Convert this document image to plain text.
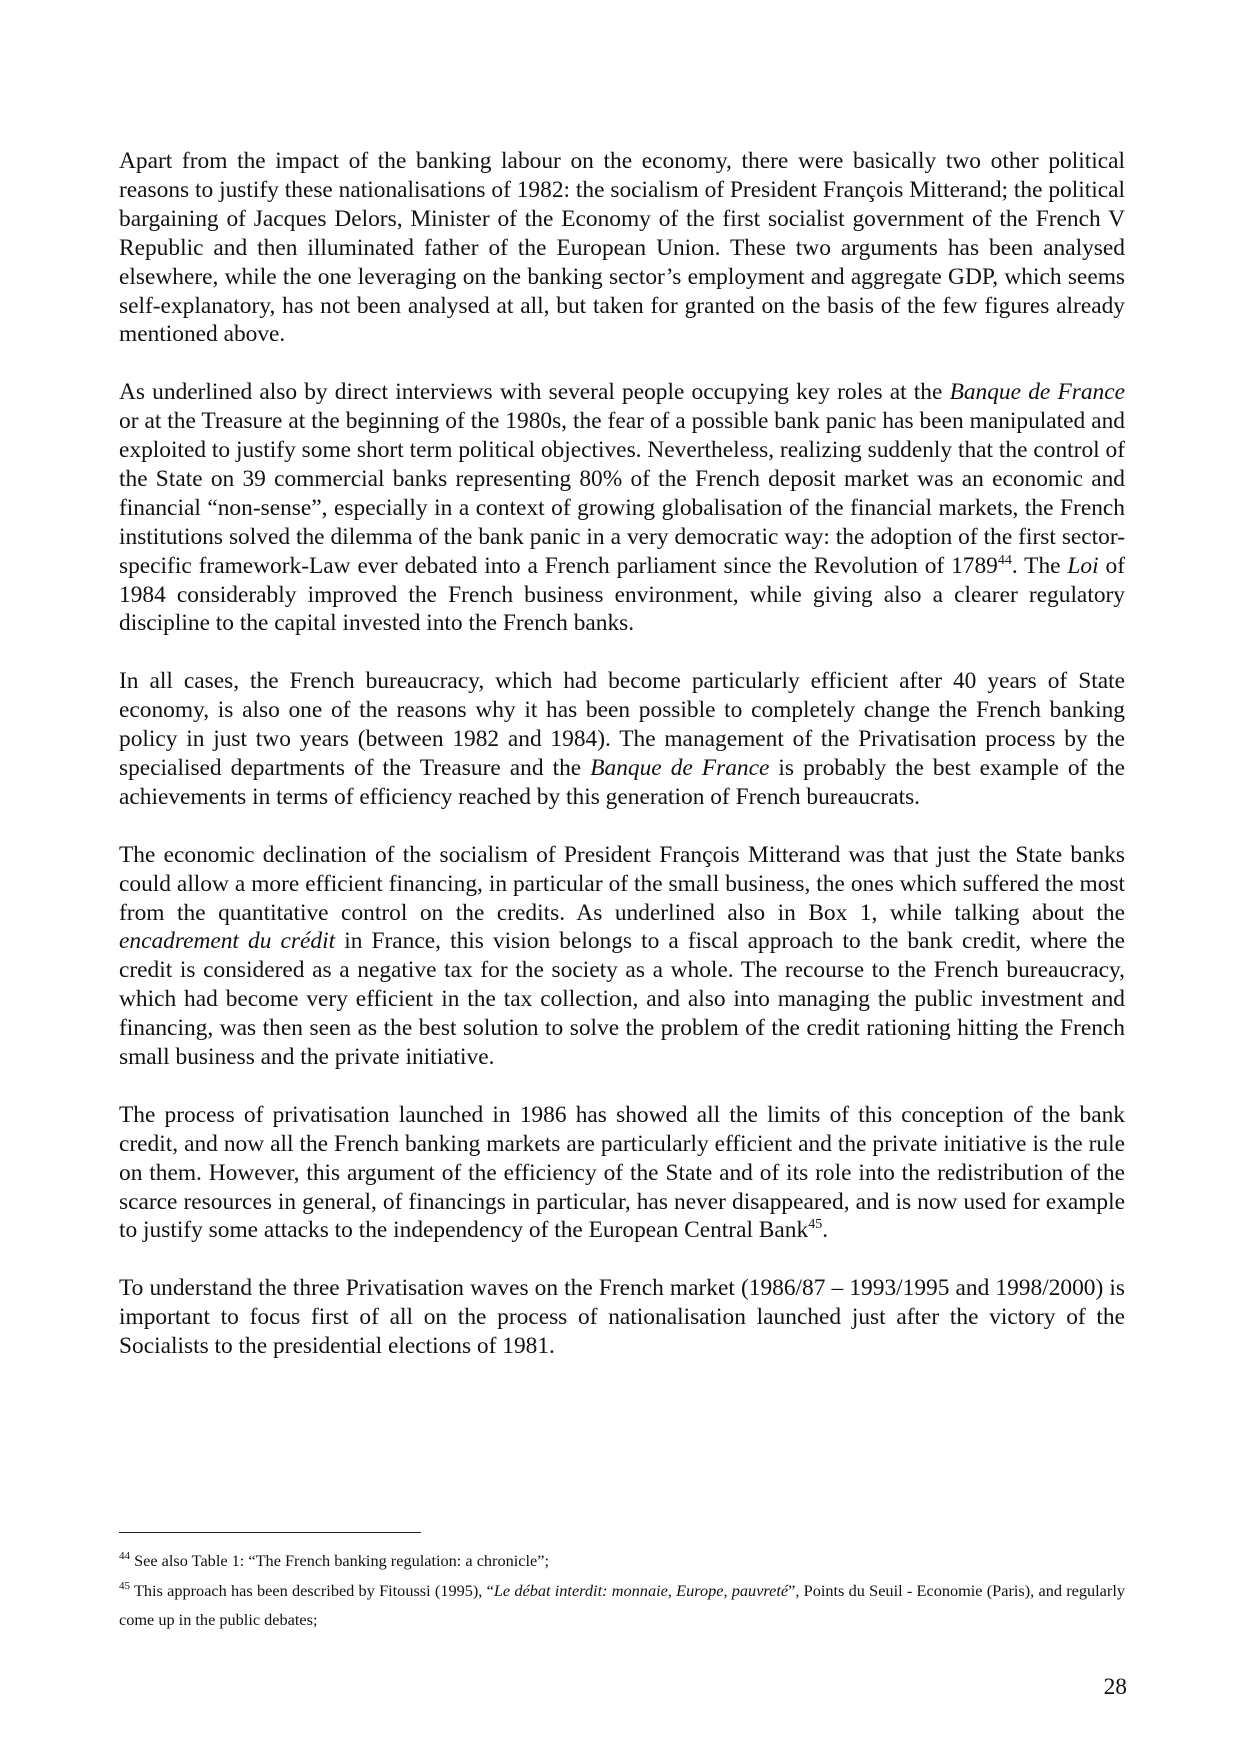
Apart from the impact of the banking labour on the economy, there were basically two other political reasons to justify these nationalisations of 1982: the socialism of President François Mitterand; the political bargaining of Jacques Delors, Minister of the Economy of the first socialist government of the French V Republic and then illuminated father of the European Union. These two arguments has been analysed elsewhere, while the one leveraging on the banking sector’s employment and aggregate GDP, which seems self-explanatory, has not been analysed at all, but taken for granted on the basis of the few figures already mentioned above.

As underlined also by direct interviews with several people occupying key roles at the Banque de France or at the Treasure at the beginning of the 1980s, the fear of a possible bank panic has been manipulated and exploited to justify some short term political objectives. Nevertheless, realizing suddenly that the control of the State on 39 commercial banks representing 80% of the French deposit market was an economic and financial “non-sense”, especially in a context of growing globalisation of the financial markets, the French institutions solved the dilemma of the bank panic in a very democratic way: the adoption of the first sector-specific framework-Law ever debated into a French parliament since the Revolution of 1789$^{44}$. The Loi of 1984 considerably improved the French business environment, while giving also a clearer regulatory discipline to the capital invested into the French banks.

In all cases, the French bureaucracy, which had become particularly efficient after 40 years of State economy, is also one of the reasons why it has been possible to completely change the French banking policy in just two years (between 1982 and 1984). The management of the Privatisation process by the specialised departments of the Treasure and the Banque de France is probably the best example of the achievements in terms of efficiency reached by this generation of French bureaucrats.

The economic declination of the socialism of President François Mitterand was that just the State banks could allow a more efficient financing, in particular of the small business, the ones which suffered the most from the quantitative control on the credits. As underlined also in Box 1, while talking about the encadrement du crédit in France, this vision belongs to a fiscal approach to the bank credit, where the credit is considered as a negative tax for the society as a whole. The recourse to the French bureaucracy, which had become very efficient in the tax collection, and also into managing the public investment and financing, was then seen as the best solution to solve the problem of the credit rationing hitting the French small business and the private initiative.

The process of privatisation launched in 1986 has showed all the limits of this conception of the bank credit, and now all the French banking markets are particularly efficient and the private initiative is the rule on them. However, this argument of the efficiency of the State and of its role into the redistribution of the scarce resources in general, of financings in particular, has never disappeared, and is now used for example to justify some attacks to the independency of the European Central Bank$^{45}$.

To understand the three Privatisation waves on the French market (1986/87 – 1993/1995 and 1998/2000) is important to focus first of all on the process of nationalisation launched just after the victory of the Socialists to the presidential elections of 1981.

$^{44}$ See also Table 1: “The French banking regulation: a chronicle”;

$^{45}$ This approach has been described by Fitoussi (1995), “Le débat interdit: monnaie, Europe, pauvreté”, Points du Seuil - Economie (Paris), and regularly come up in the public debates;

28
